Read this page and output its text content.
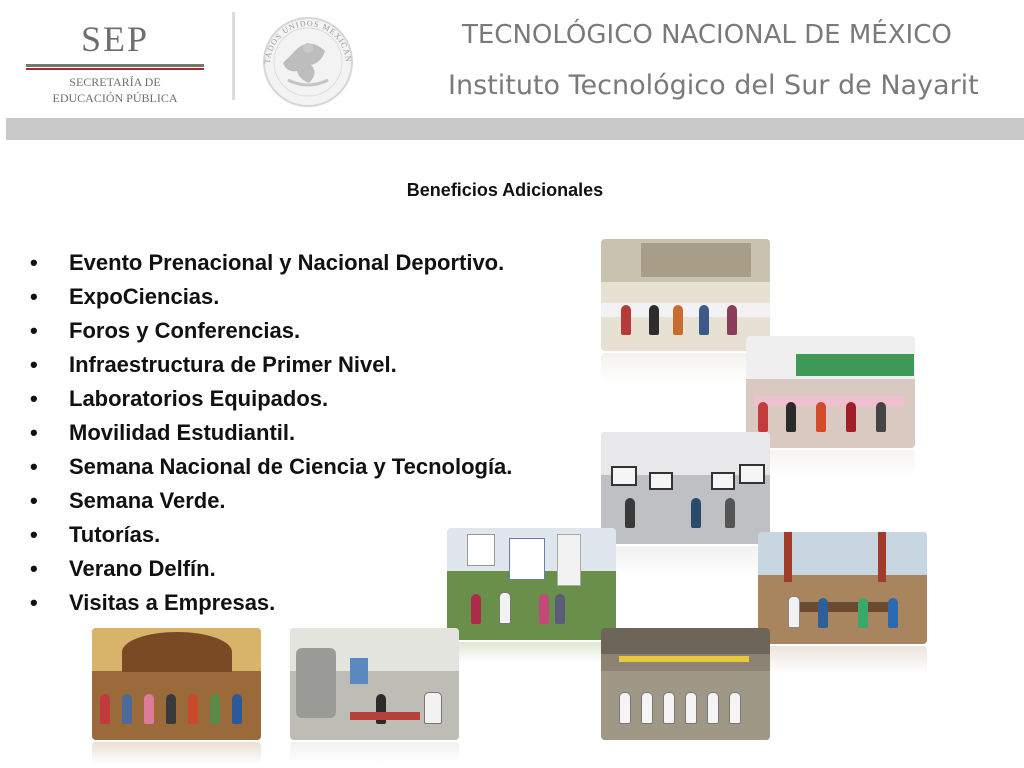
SEP
SECRETARÍA DE
EDUCACIÓN PÚBLICA
TADOS UNIDOS MEXICAN
TECNOLÓGICO NACIONAL DE MÉXICO
Instituto Tecnológico del Sur de Nayarit
Beneficios Adicionales
• Evento Prenacional y Nacional Deportivo.
• ExpoCiencias.
• Foros y Conferencias.
• Infraestructura de Primer Nivel.
• Laboratorios Equipados.
• Movilidad Estudiantil.
• Semana Nacional de Ciencia y Tecnología.
• Semana Verde.
• Tutorías.
• Verano Delfín.
• Visitas a Empresas.
